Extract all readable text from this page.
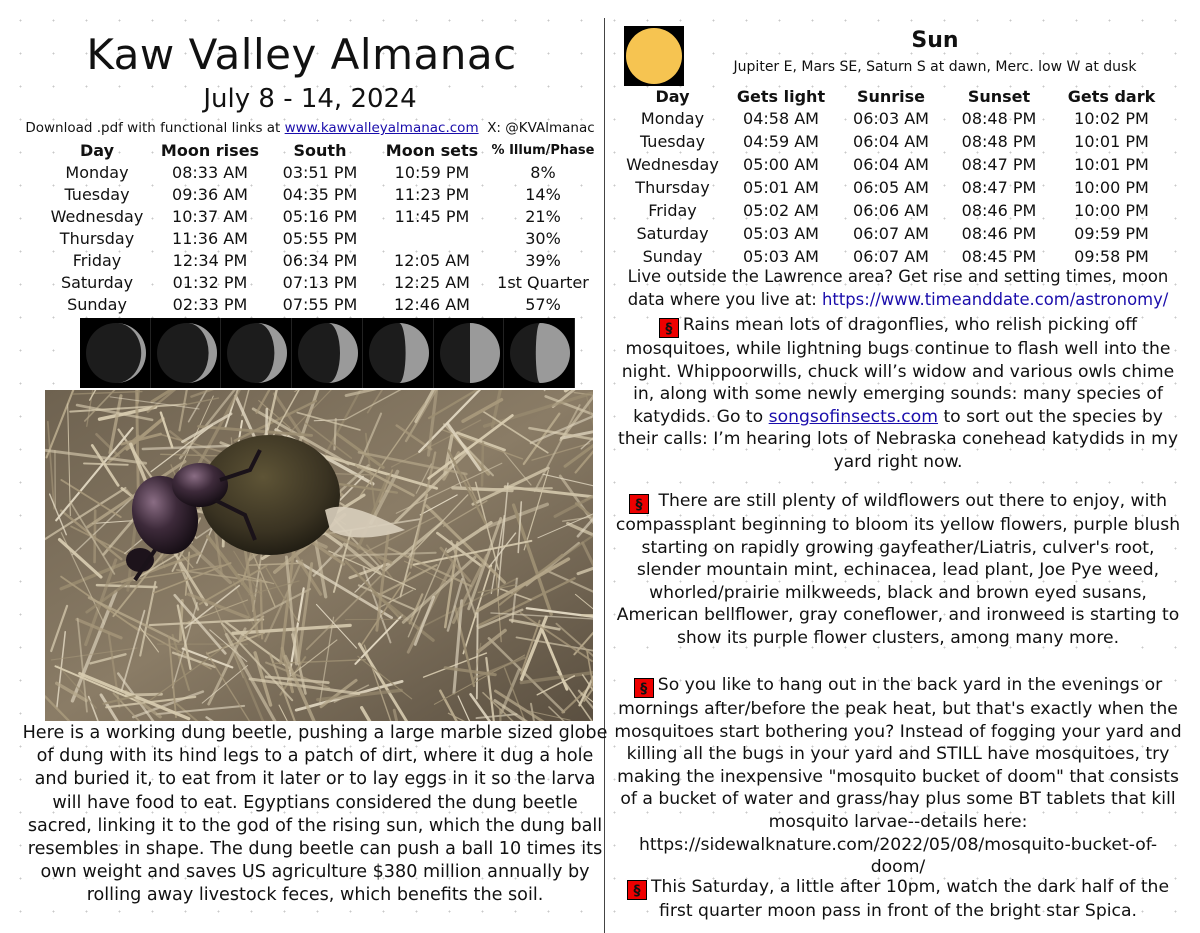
Kaw Valley Almanac
July 8 - 14, 2024
Download .pdf with functional links at www.kawvalleyalmanac.com X: @KVAlmanac
Day	Moon rises	South	Moon sets	% Illum/Phase
Monday	08:33 AM	03:51 PM	10:59 PM	8%
Tuesday	09:36 AM	04:35 PM	11:23 PM	14%
Wednesday	10:37 AM	05:16 PM	11:45 PM	21%
Thursday	11:36 AM	05:55 PM		30%
Friday	12:34 PM	06:34 PM	12:05 AM	39%
Saturday	01:32 PM	07:13 PM	12:25 AM	1st Quarter
Sunday	02:33 PM	07:55 PM	12:46 AM	57%
Here is a working dung beetle, pushing a large marble sized globe of dung with its hind legs to a patch of dirt, where it dug a hole and buried it, to eat from it later or to lay eggs in it so the larva will have food to eat. Egyptians considered the dung beetle sacred, linking it to the god of the rising sun, which the dung ball resembles in shape. The dung beetle can push a ball 10 times its own weight and saves US agriculture $380 million annually by rolling away livestock feces, which benefits the soil.
Sun
Jupiter E, Mars SE, Saturn S at dawn, Merc. low W at dusk
Day	Gets light	Sunrise	Sunset	Gets dark
Monday	04:58 AM	06:03 AM	08:48 PM	10:02 PM
Tuesday	04:59 AM	06:04 AM	08:48 PM	10:01 PM
Wednesday	05:00 AM	06:04 AM	08:47 PM	10:01 PM
Thursday	05:01 AM	06:05 AM	08:47 PM	10:00 PM
Friday	05:02 AM	06:06 AM	08:46 PM	10:00 PM
Saturday	05:03 AM	06:07 AM	08:46 PM	09:59 PM
Sunday	05:03 AM	06:07 AM	08:45 PM	09:58 PM
Live outside the Lawrence area? Get rise and setting times, moon data where you live at: https://www.timeanddate.com/astronomy/
§ Rains mean lots of dragonflies, who relish picking off mosquitoes, while lightning bugs continue to flash well into the night. Whippoorwills, chuck will’s widow and various owls chime in, along with some newly emerging sounds: many species of katydids. Go to songsofinsects.com to sort out the species by their calls: I’m hearing lots of Nebraska conehead katydids in my yard right now.
§ There are still plenty of wildflowers out there to enjoy, with compassplant beginning to bloom its yellow flowers, purple blush starting on rapidly growing gayfeather/Liatris, culver's root, slender mountain mint, echinacea, lead plant, Joe Pye weed, whorled/prairie milkweeds, black and brown eyed susans, American bellflower, gray coneflower, and ironweed is starting to show its purple flower clusters, among many more.
§ So you like to hang out in the back yard in the evenings or mornings after/before the peak heat, but that's exactly when the mosquitoes start bothering you? Instead of fogging your yard and killing all the bugs in your yard and STILL have mosquitoes, try making the inexpensive "mosquito bucket of doom" that consists of a bucket of water and grass/hay plus some BT tablets that kill mosquito larvae--details here: https://sidewalknature.com/2022/05/08/mosquito-bucket-of-doom/
§ This Saturday, a little after 10pm, watch the dark half of the first quarter moon pass in front of the bright star Spica.
